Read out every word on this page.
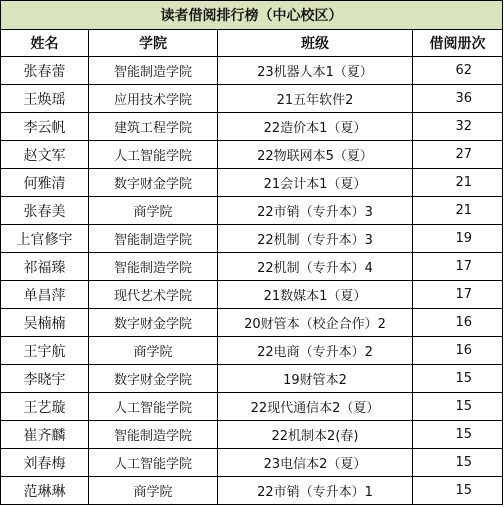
读者借阅排行榜（中心校区）			
姓名	学院	班级	借阅册次
张春蕾	智能制造学院	23机器人本1（夏）	62
王焕瑶	应用技术学院	21五年软件2	36
李云帆	建筑工程学院	22造价本1（夏）	32
赵文军	人工智能学院	22物联网本5（夏）	27
何雅清	数字财金学院	21会计本1（夏）	21
张春美	商学院	22市销（专升本）3	21
上官修宇	智能制造学院	22机制（专升本）3	19
祁福臻	智能制造学院	22机制（专升本）4	17
单昌萍	现代艺术学院	21数媒本1（夏）	17
吴楠楠	数字财金学院	20财管本（校企合作）2	16
王宇航	商学院	22电商（专升本）2	16
李晓宇	数字财金学院	19财管本2	15
王艺璇	人工智能学院	22现代通信本2（夏）	15
崔齐麟	智能制造学院	22机制本2(春)	15
刘春梅	人工智能学院	23电信本2（夏）	15
范琳琳	商学院	22市销（专升本）1	15
